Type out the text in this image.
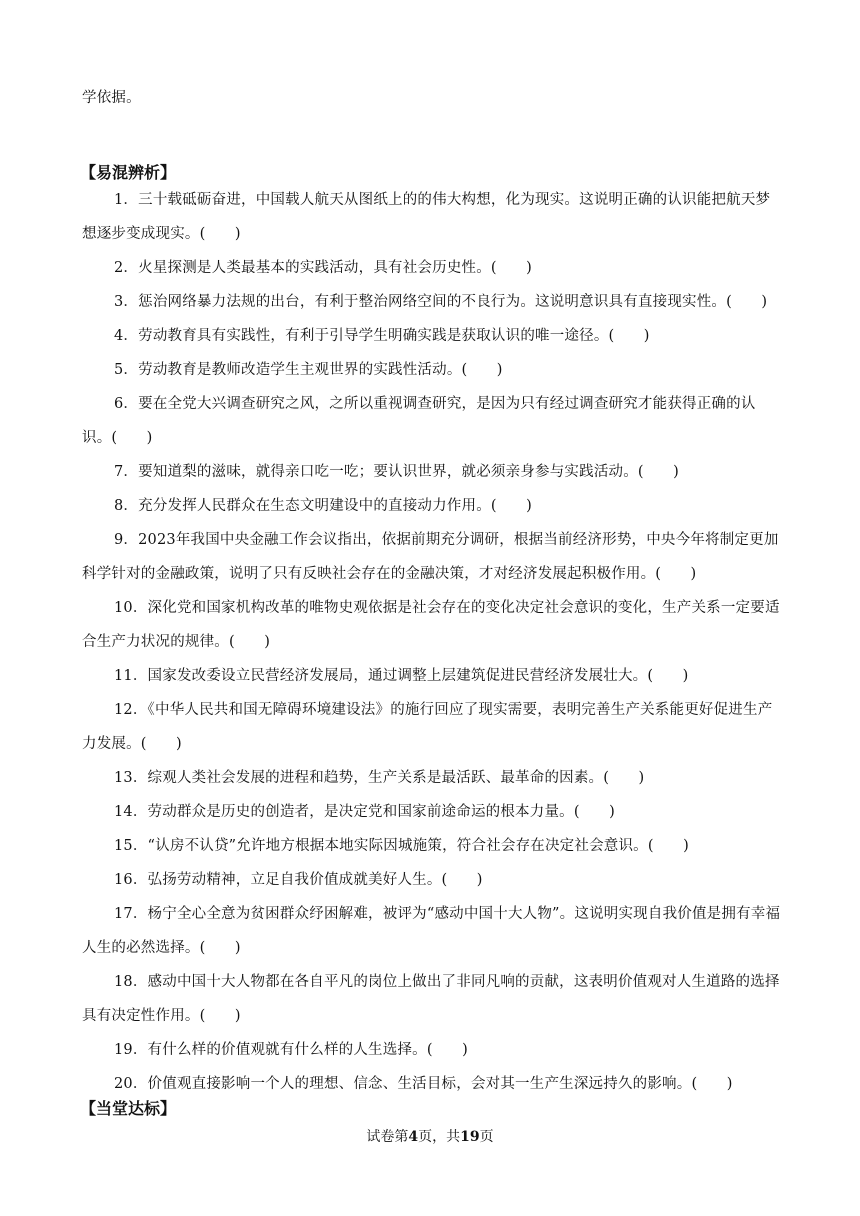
学依据。
【易混辨析】
1．三十载砥砺奋进，中国载人航天从图纸上的的伟大构想，化为现实。这说明正确的认识能把航天梦想逐步变成现实。(　　)
2．火星探测是人类最基本的实践活动，具有社会历史性。(　　)
3．惩治网络暴力法规的出台，有利于整治网络空间的不良行为。这说明意识具有直接现实性。(　　)
4．劳动教育具有实践性，有利于引导学生明确实践是获取认识的唯一途径。(　　)
5．劳动教育是教师改造学生主观世界的实践性活动。(　　)
6．要在全党大兴调查研究之风，之所以重视调查研究，是因为只有经过调查研究才能获得正确的认识。(　　)
7．要知道梨的滋味，就得亲口吃一吃；要认识世界，就必须亲身参与实践活动。(　　)
8．充分发挥人民群众在生态文明建设中的直接动力作用。(　　)
9．2023年我国中央金融工作会议指出，依据前期充分调研，根据当前经济形势，中央今年将制定更加科学针对的金融政策，说明了只有反映社会存在的金融决策，才对经济发展起积极作用。(　　)
10．深化党和国家机构改革的唯物史观依据是社会存在的变化决定社会意识的变化，生产关系一定要适合生产力状况的规律。(　　)
11．国家发改委设立民营经济发展局，通过调整上层建筑促进民营经济发展壮大。(　　)
12．《中华人民共和国无障碍环境建设法》的施行回应了现实需要，表明完善生产关系能更好促进生产力发展。(　　)
13．综观人类社会发展的进程和趋势，生产关系是最活跃、最革命的因素。(　　)
14．劳动群众是历史的创造者，是决定党和国家前途命运的根本力量。(　　)
15．“认房不认贷”允许地方根据本地实际因城施策，符合社会存在决定社会意识。(　　)
16．弘扬劳动精神，立足自我价值成就美好人生。(　　)
17．杨宁全心全意为贫困群众纾困解难，被评为“感动中国十大人物”。这说明实现自我价值是拥有幸福人生的必然选择。(　　)
18．感动中国十大人物都在各自平凡的岗位上做出了非同凡响的贡献，这表明价值观对人生道路的选择具有决定性作用。(　　)
19．有什么样的价值观就有什么样的人生选择。(　　)
20．价值观直接影响一个人的理想、信念、生活目标，会对其一生产生深远持久的影响。(　　)
【当堂达标】
试卷第4页，共19页
